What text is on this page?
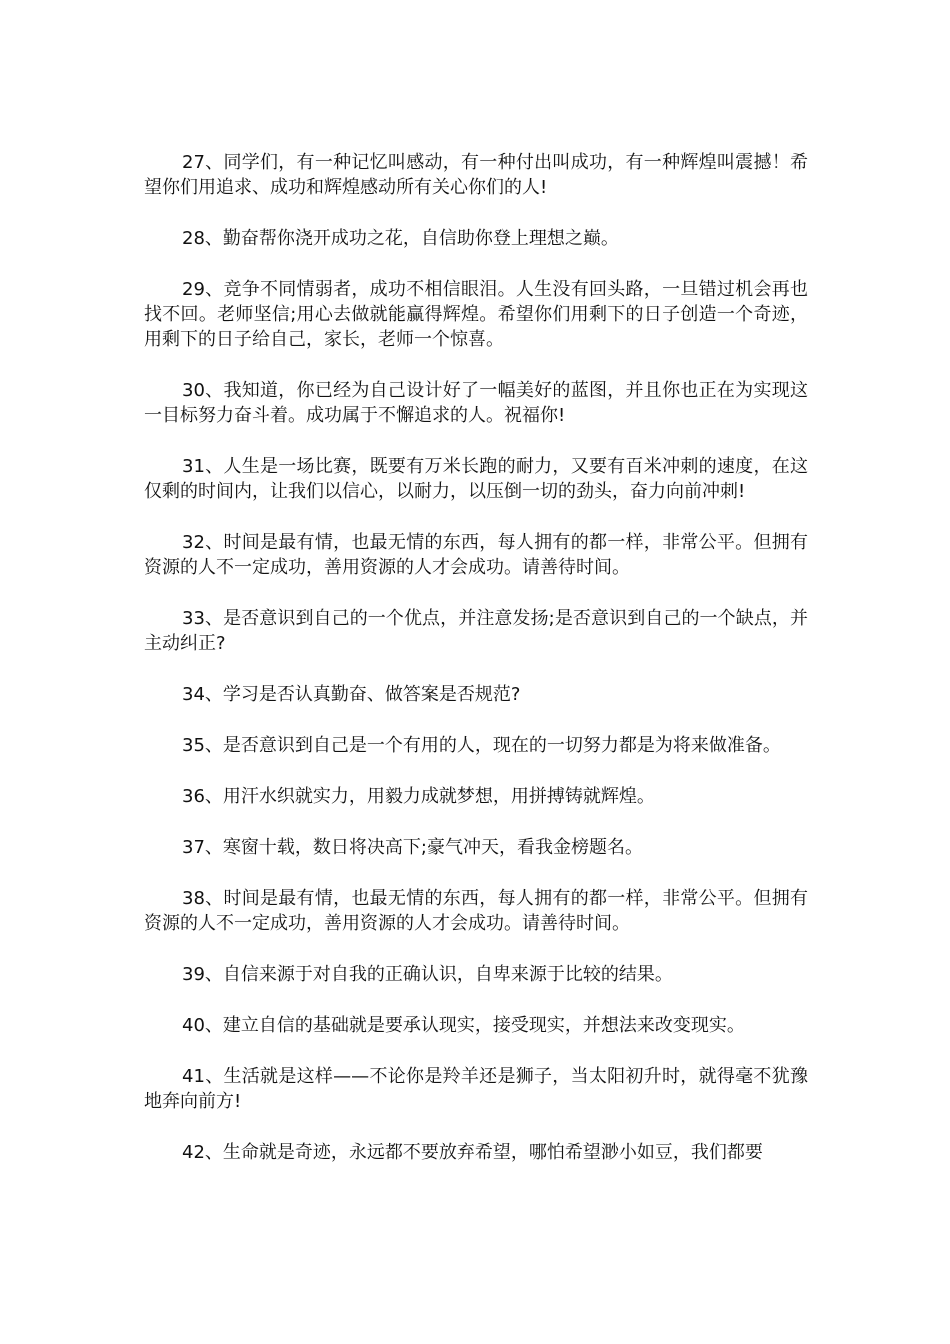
27、同学们，有一种记忆叫感动，有一种付出叫成功，有一种辉煌叫震撼！希望你们用追求、成功和辉煌感动所有关心你们的人!

28、勤奋帮你浇开成功之花，自信助你登上理想之巅。

29、竞争不同情弱者，成功不相信眼泪。人生没有回头路，一旦错过机会再也找不回。老师坚信;用心去做就能赢得辉煌。希望你们用剩下的日子创造一个奇迹，用剩下的日子给自己，家长，老师一个惊喜。

30、我知道，你已经为自己设计好了一幅美好的蓝图，并且你也正在为实现这一目标努力奋斗着。成功属于不懈追求的人。祝福你!

31、人生是一场比赛，既要有万米长跑的耐力，又要有百米冲刺的速度，在这仅剩的时间内，让我们以信心，以耐力，以压倒一切的劲头，奋力向前冲刺!

32、时间是最有情，也最无情的东西，每人拥有的都一样，非常公平。但拥有资源的人不一定成功，善用资源的人才会成功。请善待时间。

33、是否意识到自己的一个优点，并注意发扬;是否意识到自己的一个缺点，并主动纠正?

34、学习是否认真勤奋、做答案是否规范?

35、是否意识到自己是一个有用的人，现在的一切努力都是为将来做准备。

36、用汗水织就实力，用毅力成就梦想，用拼搏铸就辉煌。

37、寒窗十载，数日将决高下;豪气冲天，看我金榜题名。

38、时间是最有情，也最无情的东西，每人拥有的都一样，非常公平。但拥有资源的人不一定成功，善用资源的人才会成功。请善待时间。

39、自信来源于对自我的正确认识，自卑来源于比较的结果。

40、建立自信的基础就是要承认现实，接受现实，并想法来改变现实。

41、生活就是这样——不论你是羚羊还是狮子，当太阳初升时，就得毫不犹豫地奔向前方!

42、生命就是奇迹，永远都不要放弃希望，哪怕希望渺小如豆，我们都要
